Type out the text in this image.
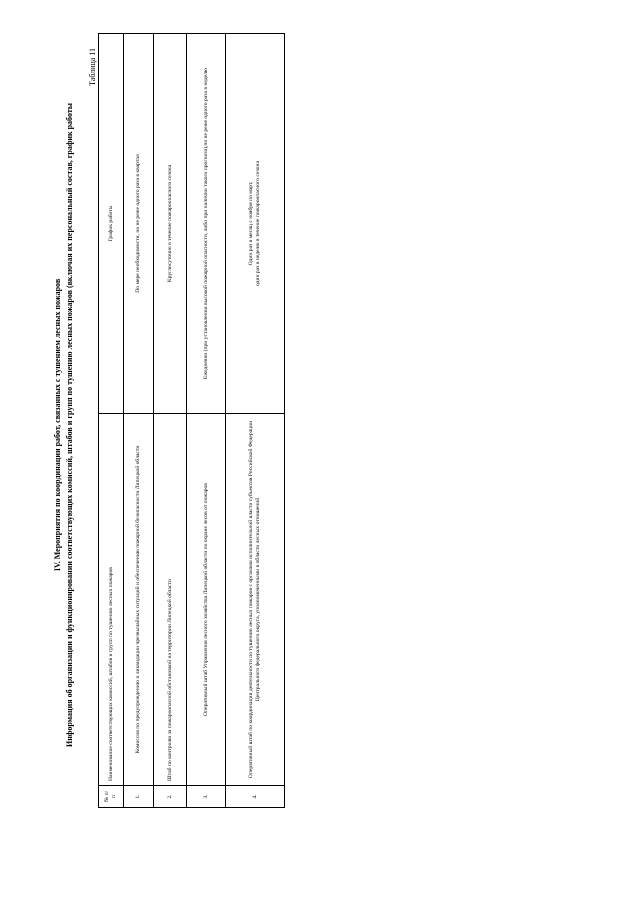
IV. Мероприятия по координации работ, связанных с тушением лесных пожаров Информация об организации и функционировании соответствующих комиссий, штабов и групп по тушению лесных пожаров (включая их персональный состав, график работы
Таблица 11
№ п/п	Наименование соответствующих комиссий, штабов и групп по тушению лесных пожаров	График работы
1.	Комиссия по предупреждению и ликвидации чрезвычайных ситуаций и обеспечению пожарной безопасности Липецкой области	По мере необходимости, но не реже одного раза в квартал
2.	Штаб по контролю за пожароопасной обстановкой на территории Липецкой области	Круглосуточно в течение пожароопасного сезона
3.	Оперативный штаб Управления лесного хозяйства Липецкой области по охране лесов от пожаров	Ежедневно (при установлении высокой пожарной опасности, либо при наличии такого прогноза),но не реже одного раза в неделю
4.	Оперативный штаб по координации деятельности по тушению лесных пожаров с органами исполнительной власти субъектов Российской Федерации Центрального федерального округа, уполномоченными в области лесных отношений	Один раз в месяц с ноября по март, один раз в неделю в течение пожароопасного сезона
